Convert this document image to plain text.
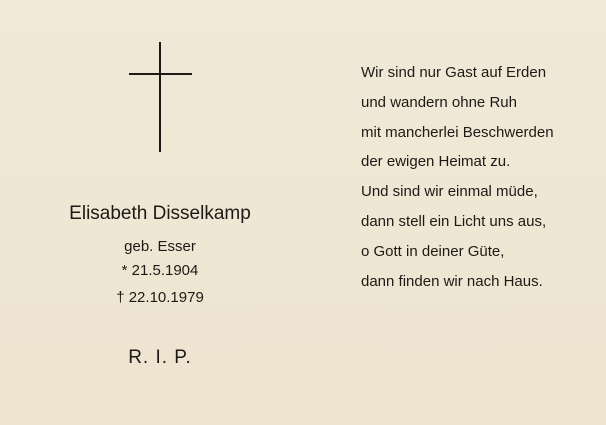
Elisabeth Disselkamp
geb. Esser
* 21.5.1904
† 22.10.1979
R. I. P.
Wir sind nur Gast auf Erden
und wandern ohne Ruh
mit mancherlei Beschwerden
der ewigen Heimat zu.
Und sind wir einmal müde,
dann stell ein Licht uns aus,
o Gott in deiner Güte,
dann finden wir nach Haus.
